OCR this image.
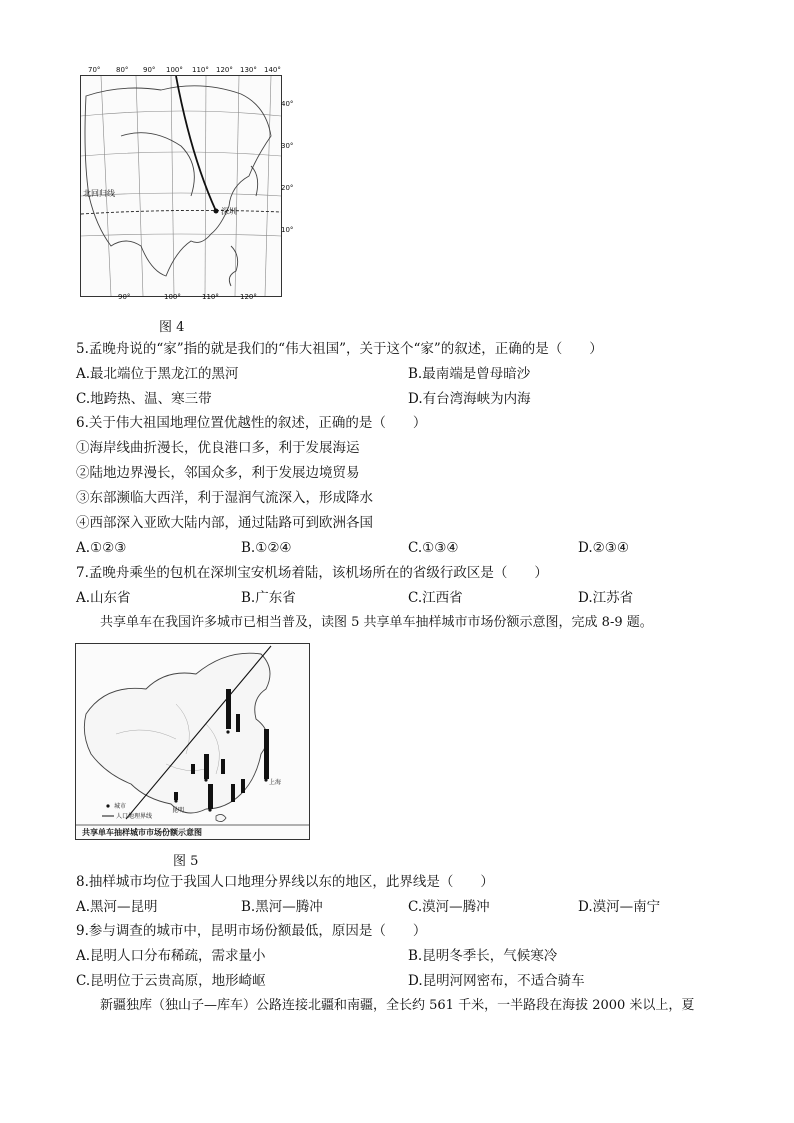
北回归线
深圳
70° 80° 90° 100° 110° 120° 130° 140°
90°	100°	110°	120°
40°
30°
20°
10°
图 4
5.孟晚舟说的“家”指的就是我们的“伟大祖国”，关于这个“家”的叙述，正确的是（　　）
A.最北端位于黑龙江的黑河	B.最南端是曾母暗沙
C.地跨热、温、寒三带	D.有台湾海峡为内海
6.关于伟大祖国地理位置优越性的叙述，正确的是（　　）
①海岸线曲折漫长，优良港口多，利于发展海运
②陆地边界漫长，邻国众多，利于发展边境贸易
③东部濒临大西洋，利于湿润气流深入，形成降水
④西部深入亚欧大陆内部，通过陆路可到欧洲各国
A.①②③	B.①②④	C.①③④	D.②③④
7.孟晚舟乘坐的包机在深圳宝安机场着陆，该机场所在的省级行政区是（　　）
A.山东省	B.广东省	C.江西省	D.江苏省
共享单车在我国许多城市已相当普及，读图 5 共享单车抽样城市市场份额示意图，完成 8-9 题。
昆明
上海
城市
人口地理界线
共享单车抽样城市市场份额示意图
图 5
8.抽样城市均位于我国人口地理分界线以东的地区，此界线是（　　）
A.黑河—昆明	B.黑河—腾冲	C.漠河—腾冲	D.漠河—南宁
9.参与调查的城市中，昆明市场份额最低，原因是（　　）
A.昆明人口分布稀疏，需求量小	B.昆明冬季长，气候寒冷
C.昆明位于云贵高原，地形崎岖	D.昆明河网密布，不适合骑车
新疆独库（独山子—库车）公路连接北疆和南疆，全长约 561 千米，一半路段在海拔 2000 米以上，夏
